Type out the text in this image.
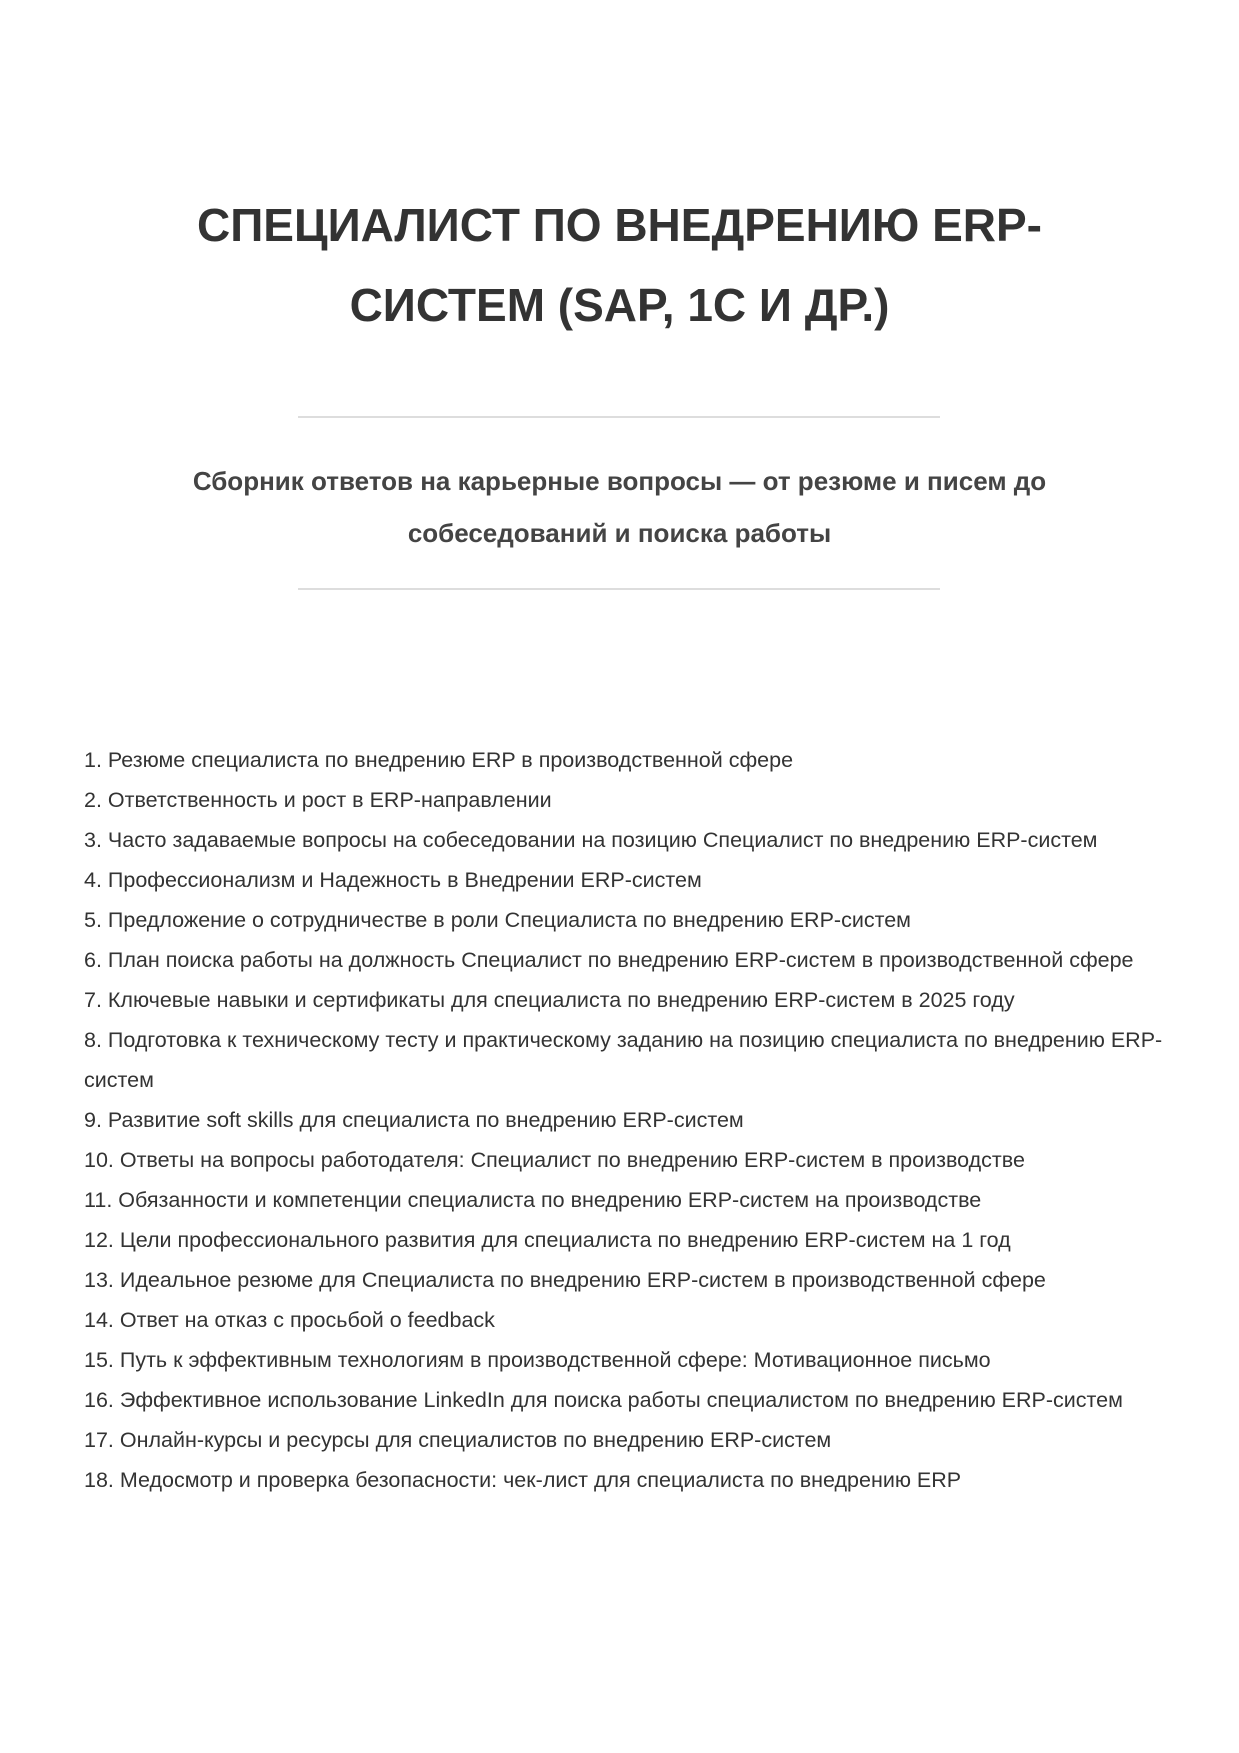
СПЕЦИАЛИСТ ПО ВНЕДРЕНИЮ ERP-СИСТЕМ (SAP, 1С И ДР.)
Сборник ответов на карьерные вопросы — от резюме и писем до собеседований и поиска работы
1. Резюме специалиста по внедрению ERP в производственной сфере
2. Ответственность и рост в ERP-направлении
3. Часто задаваемые вопросы на собеседовании на позицию Специалист по внедрению ERP-систем
4. Профессионализм и Надежность в Внедрении ERP-систем
5. Предложение о сотрудничестве в роли Специалиста по внедрению ERP-систем
6. План поиска работы на должность Специалист по внедрению ERP-систем в производственной сфере
7. Ключевые навыки и сертификаты для специалиста по внедрению ERP-систем в 2025 году
8. Подготовка к техническому тесту и практическому заданию на позицию специалиста по внедрению ERP-систем
9. Развитие soft skills для специалиста по внедрению ERP-систем
10. Ответы на вопросы работодателя: Специалист по внедрению ERP-систем в производстве
11. Обязанности и компетенции специалиста по внедрению ERP-систем на производстве
12. Цели профессионального развития для специалиста по внедрению ERP-систем на 1 год
13. Идеальное резюме для Специалиста по внедрению ERP-систем в производственной сфере
14. Ответ на отказ с просьбой о feedback
15. Путь к эффективным технологиям в производственной сфере: Мотивационное письмо
16. Эффективное использование LinkedIn для поиска работы специалистом по внедрению ERP-систем
17. Онлайн-курсы и ресурсы для специалистов по внедрению ERP-систем
18. Медосмотр и проверка безопасности: чек-лист для специалиста по внедрению ERP
